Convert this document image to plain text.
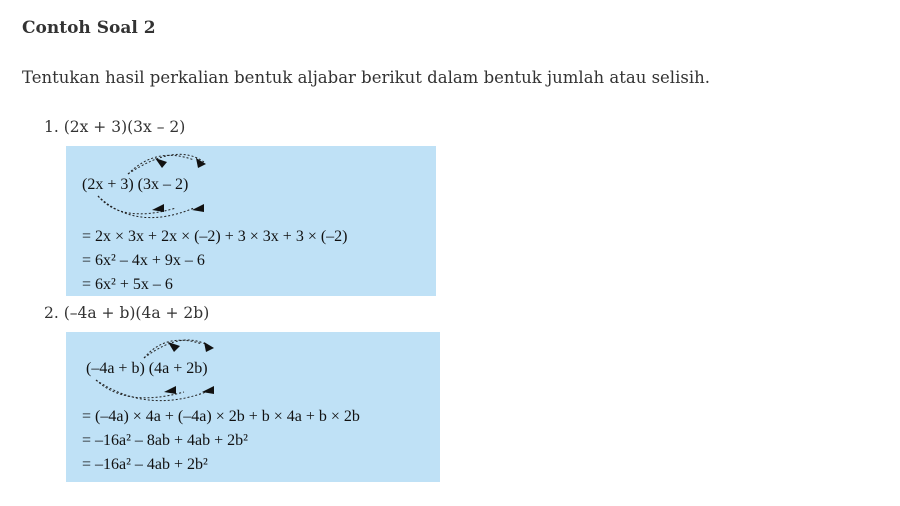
Contoh Soal 2
Tentukan hasil perkalian bentuk aljabar berikut dalam bentuk jumlah atau selisih.
1. (2x + 3)(3x – 2)
(2x + 3) (3x – 2)
= 2x × 3x + 2x × (–2) + 3 × 3x + 3 × (–2)
= 6x² – 4x + 9x – 6
= 6x² + 5x – 6
2. (–4a + b)(4a + 2b)
(–4a + b) (4a + 2b)
= (–4a) × 4a + (–4a) × 2b + b × 4a + b × 2b
= –16a² – 8ab + 4ab + 2b²
= –16a² – 4ab + 2b²
